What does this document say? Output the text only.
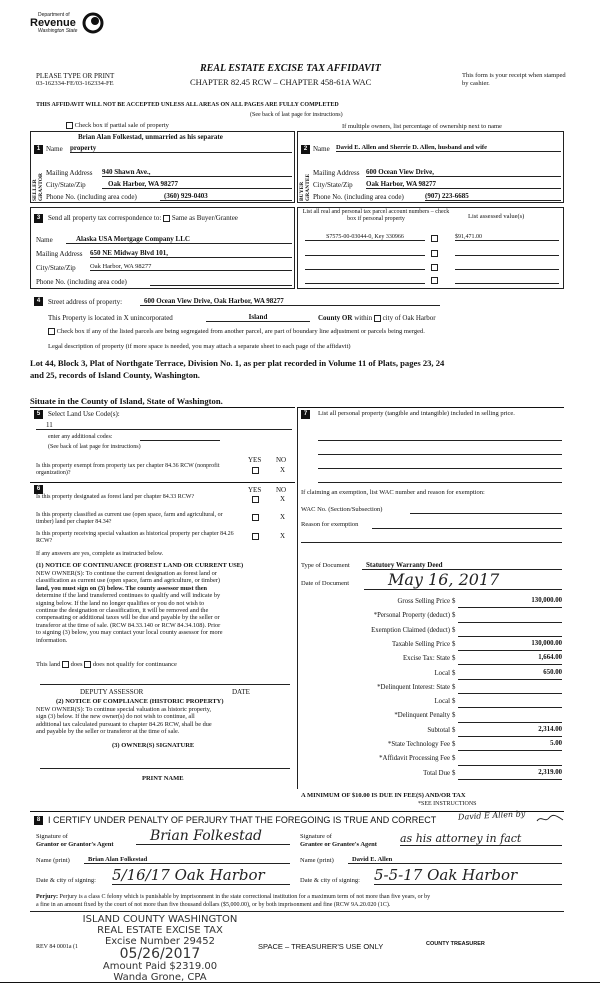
Department of
Revenue
Washington State
PLEASE TYPE OR PRINT
03-162334-FE/03-162334-FE
REAL ESTATE EXCISE TAX AFFIDAVIT
CHAPTER 82.45 RCW – CHAPTER 458-61A WAC
This form is your receipt when stamped by cashier.
THIS AFFIDAVIT WILL NOT BE ACCEPTED UNLESS ALL AREAS ON ALL PAGES ARE FULLY COMPLETED
(See back of last page for instructions)
Check box if partial sale of property	If multiple owners, list percentage of ownership next to name
1
Brian Alan Folkestad, unmarried as his separate
Name property
SELLER GRANTOR Mailing Address 940 Shawn Ave.,
City/State/Zip	Oak Harbor, WA 98277
Phone No. (including area code)	(360) 929-0403
2 Name David E. Allen and Sherrie D. Allen, husband and wife
BUYER GRANTEE
Mailing Address 600 Ocean View Drive,
City/State/Zip Oak Harbor, WA 98277
Phone No. (including area code)	(907) 223-6685
3	Send all property tax correspondence to: Same as Buyer/Grantee
Name	Alaska USA Mortgage Company LLC
Mailing Address 650 NE Midway Blvd 101,
City/State/Zip Oak Harbor, WA 98277
Phone No. (including area code)
List all real and personal tax parcel account numbers – check box if personal property	List assessed value(s)
S7575-00-03044-0, Key 330966	$91,471.00
4	Street address of property:	600 Ocean View Drive, Oak Harbor, WA 98277
This Property is located in X unincorporated	Island	County OR within city of Oak Harbor
Check box if any of the listed parcels are being segregated from another parcel, are part of boundary line adjustment or parcels being merged.
Legal description of property (if more space is needed, you may attach a separate sheet to each page of the affidavit)
Lot 44, Block 3, Plat of Northgate Terrace, Division No. 1, as per plat recorded in Volume 11 of Plats, pages 23, 24
and 25, records of Island County, Washington.
Situate in the County of Island, State of Washington.
5	Select Land Use Code(s):
11
enter any additional codes:
(See back of last page for instructions)
YES NO
Is this property exempt from property tax per chapter 84.36 RCW (nonprofit organization)?	X
6	YES NO
Is this property designated as forest land per chapter 84.33 RCW?	X
Is this property classified as current use (open space, farm and agricultural, or timber) land per chapter 84.34?
X
Is this property receiving special valuation as historical property per chapter 84.26 RCW?
X
If any answers are yes, complete as instructed below.
(1) NOTICE OF CONTINUANCE (FOREST LAND OR CURRENT USE)
NEW OWNER(S): To continue the current designation as forest land or
classification as current use (open space, farm and agriculture, or timber)
land, you must sign on (3) below. The county assessor must then
determine if the land transferred continues to qualify and will indicate by
signing below. If the land no longer qualifies or you do not wish to
continue the designation or classification, it will be removed and the
compensating or additional taxes will be due and payable by the seller or
transferor at the time of sale. (RCW 84.33.140 or RCW 84.34.108). Prior
to signing (3) below, you may contact your local county assessor for more
information.
This land does does not qualify for continuance
DEPUTY ASSESSOR	DATE
(2) NOTICE OF COMPLIANCE (HISTORIC PROPERTY)
NEW OWNER(S): To continue special valuation as historic property,
sign (3) below. If the new owner(s) do not wish to continue, all
additional tax calculated pursuant to chapter 84.26 RCW, shall be due
and payable by the seller or transferor at the time of sale.
(3) OWNER(S) SIGNATURE
PRINT NAME
7	List all personal property (tangible and intangible) included in selling price.
If claiming an exemption, list WAC number and reason for exemption:
WAC No. (Section/Subsection)
Reason for exemption
Type of Document	Statutory Warranty Deed
Date of Document	May 16, 2017
Gross Selling Price $	130,000.00
*Personal Property (deduct) $
Exemption Claimed (deduct) $
Taxable Selling Price $	130,000.00
Excise Tax: State $	1,664.00
Local $	650.00
*Delinquent Interest: State $
Local $
*Delinquent Penalty $
Subtotal $	2,314.00
*State Technology Fee $	5.00
*Affidavit Processing Fee $
Total Due $	2,319.00
A MINIMUM OF $10.00 IS DUE IN FEE(S) AND/OR TAX
*SEE INSTRUCTIONS
8 I CERTIFY UNDER PENALTY OF PERJURY THAT THE FOREGOING IS TRUE AND CORRECT	David E Allen by
Signature of
Grantor or Grantor's Agent
Brian Folkestad	Signature of
Grantee or Grantee's Agent as his attorney in fact
Name (print)	Brian Alan Folkestad	Name (print)	David E. Allen
Date & city of signing: 5/16/17 Oak Harbor	Date & city of signing: 5-5-17 Oak Harbor
Perjury: Perjury is a class C felony which is punishable by imprisonment in the state correctional institution for a maximum term of not more than five years, or by
a fine in an amount fixed by the court of not more than five thousand dollars ($5,000.00), or by both imprisonment and fine (RCW 9A.20.020 (1C).
REV 84 0001a (1
ISLAND COUNTY WASHINGTON
REAL ESTATE EXCISE TAX
Excise Number 29452
05/26/2017
Amount Paid $2319.00
Wanda Grone, CPA
SPACE – TREASURER'S USE ONLY	COUNTY TREASURER
